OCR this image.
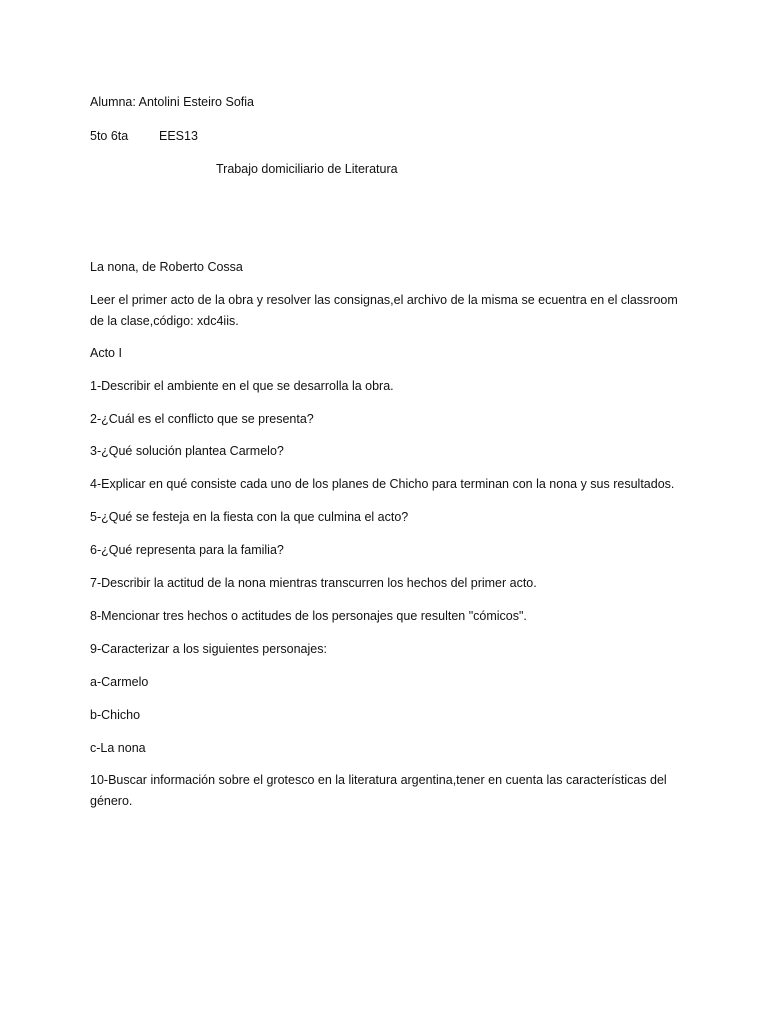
Alumna: Antolini Esteiro Sofia
5to 6ta EES13
Trabajo domiciliario de Literatura
La nona, de Roberto Cossa
Leer el primer acto de la obra y resolver las consignas,el archivo de la misma se ecuentra en el classroom de la clase,código: xdc4iis.
Acto I
1-Describir el ambiente en el que se desarrolla la obra.
2-¿Cuál es el conflicto que se presenta?
3-¿Qué solución plantea Carmelo?
4-Explicar en qué consiste cada uno de los planes de Chicho para terminan con la nona y sus resultados.
5-¿Qué se festeja en la fiesta con la que culmina el acto?
6-¿Qué representa para la familia?
7-Describir la actitud de la nona mientras transcurren los hechos del primer acto.
8-Mencionar tres hechos o actitudes de los personajes que resulten "cómicos".
9-Caracterizar a los siguientes personajes:
a-Carmelo
b-Chicho
c-La nona
10-Buscar información sobre el grotesco en la literatura argentina,tener en cuenta las características del género.
